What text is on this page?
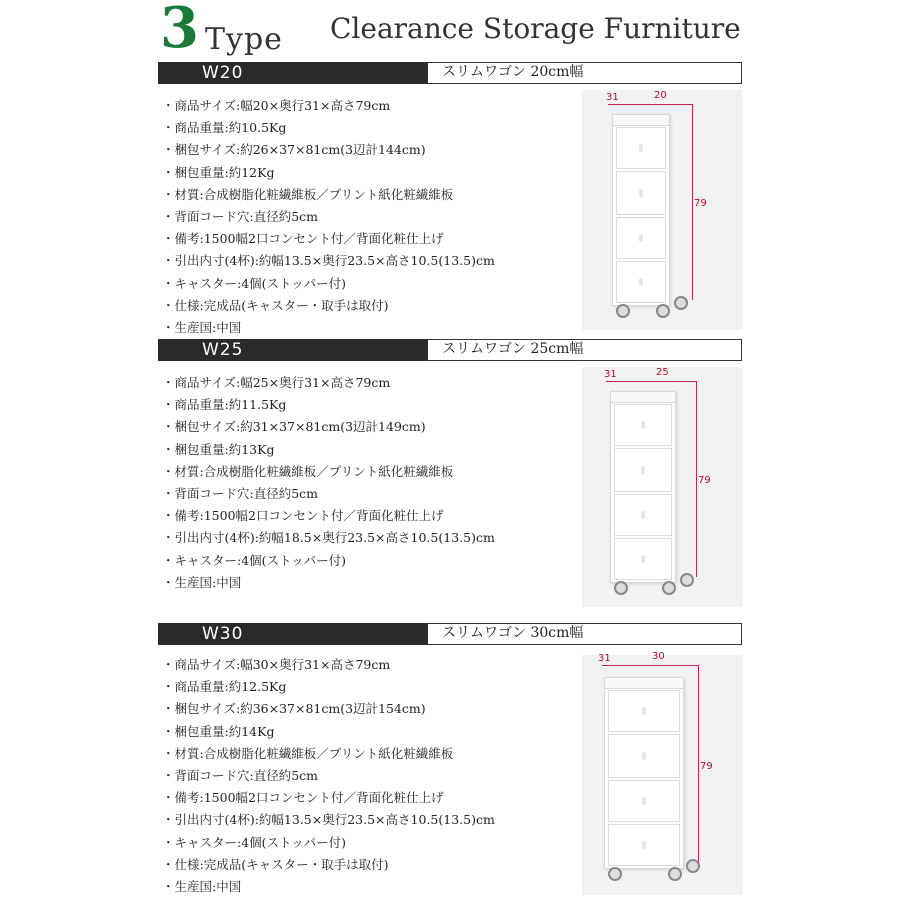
3 Type Clearance Storage Furniture
W20	スリムワゴン 20cm幅
・商品サイズ:幅20×奥行31×高さ79cm
・商品重量:約10.5Kg
・梱包サイズ:約26×37×81cm(3辺計144cm)
・梱包重量:約12Kg
・材質:合成樹脂化粧繊維板／プリント紙化粧繊維板
・背面コード穴:直径約5cm
・備考:1500幅2口コンセント付／背面化粧仕上げ
・引出内寸(4杯):約幅13.5×奥行23.5×高さ10.5(13.5)cm
・キャスター:4個(ストッパー付)
・仕様:完成品(キャスター・取手は取付)
・生産国:中国
31	20
79
W25	スリムワゴン 25cm幅
・商品サイズ:幅25×奥行31×高さ79cm
・商品重量:約11.5Kg
・梱包サイズ:約31×37×81cm(3辺計149cm)
・梱包重量:約13Kg
・材質:合成樹脂化粧繊維板／プリント紙化粧繊維板
・背面コード穴:直径約5cm
・備考:1500幅2口コンセント付／背面化粧仕上げ
・引出内寸(4杯):約幅18.5×奥行23.5×高さ10.5(13.5)cm
・キャスター:4個(ストッパー付)
・生産国:中国
31	25
79
W30	スリムワゴン 30cm幅
・商品サイズ:幅30×奥行31×高さ79cm
・商品重量:約12.5Kg
・梱包サイズ:約36×37×81cm(3辺計154cm)
・梱包重量:約14Kg
・材質:合成樹脂化粧繊維板／プリント紙化粧繊維板
・背面コード穴:直径約5cm
・備考:1500幅2口コンセント付／背面化粧仕上げ
・引出内寸(4杯):約幅13.5×奥行23.5×高さ10.5(13.5)cm
・キャスター:4個(ストッパー付)
・仕様:完成品(キャスター・取手は取付)
・生産国:中国
31	30
79
